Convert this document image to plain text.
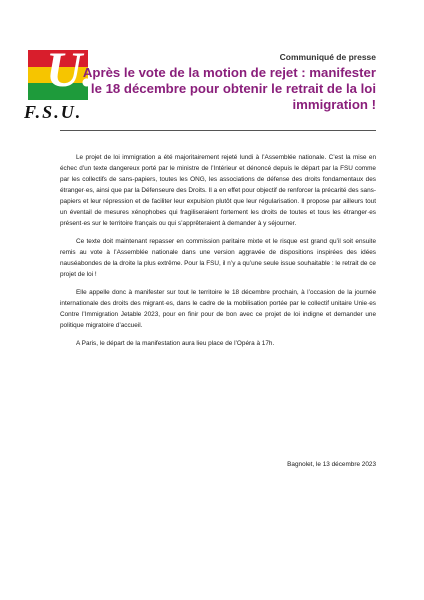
U.
F.S.U.
Communiqué de presse
Après le vote de la motion de rejet : manifester le 18 décembre pour obtenir le retrait de la loi immigration !

Le projet de loi immigration a été majoritairement rejeté lundi à l’Assemblée nationale. C’est la mise en échec d’un texte dangereux porté par le ministre de l’Intérieur et dénoncé depuis le départ par la FSU comme par les collectifs de sans-papiers, toutes les ONG, les associations de défense des droits fondamentaux des étranger·es, ainsi que par la Défenseure des Droits. Il a en effet pour objectif de renforcer la précarité des sans-papiers et leur répression et de faciliter leur expulsion plutôt que leur régularisation. Il propose par ailleurs tout un éventail de mesures xénophobes qui fragiliseraient fortement les droits de toutes et tous les étranger·es présent·es sur le territoire français ou qui s’apprêteraient à demander à y séjourner.

Ce texte doit maintenant repasser en commission paritaire mixte et le risque est grand qu’il soit ensuite remis au vote à l’Assemblée nationale dans une version aggravée de dispositions inspirées des idées nauséabondes de la droite la plus extrême. Pour la FSU, il n’y a qu’une seule issue souhaitable : le retrait de ce projet de loi !

Elle appelle donc à manifester sur tout le territoire le 18 décembre prochain, à l’occasion de la journée internationale des droits des migrant·es, dans le cadre de la mobilisation portée par le collectif unitaire Unie·es Contre l’Immigration Jetable 2023, pour en finir pour de bon avec ce projet de loi indigne et demander une politique migratoire d’accueil.

A Paris, le départ de la manifestation aura lieu place de l’Opéra à 17h.

Bagnolet, le 13 décembre 2023
